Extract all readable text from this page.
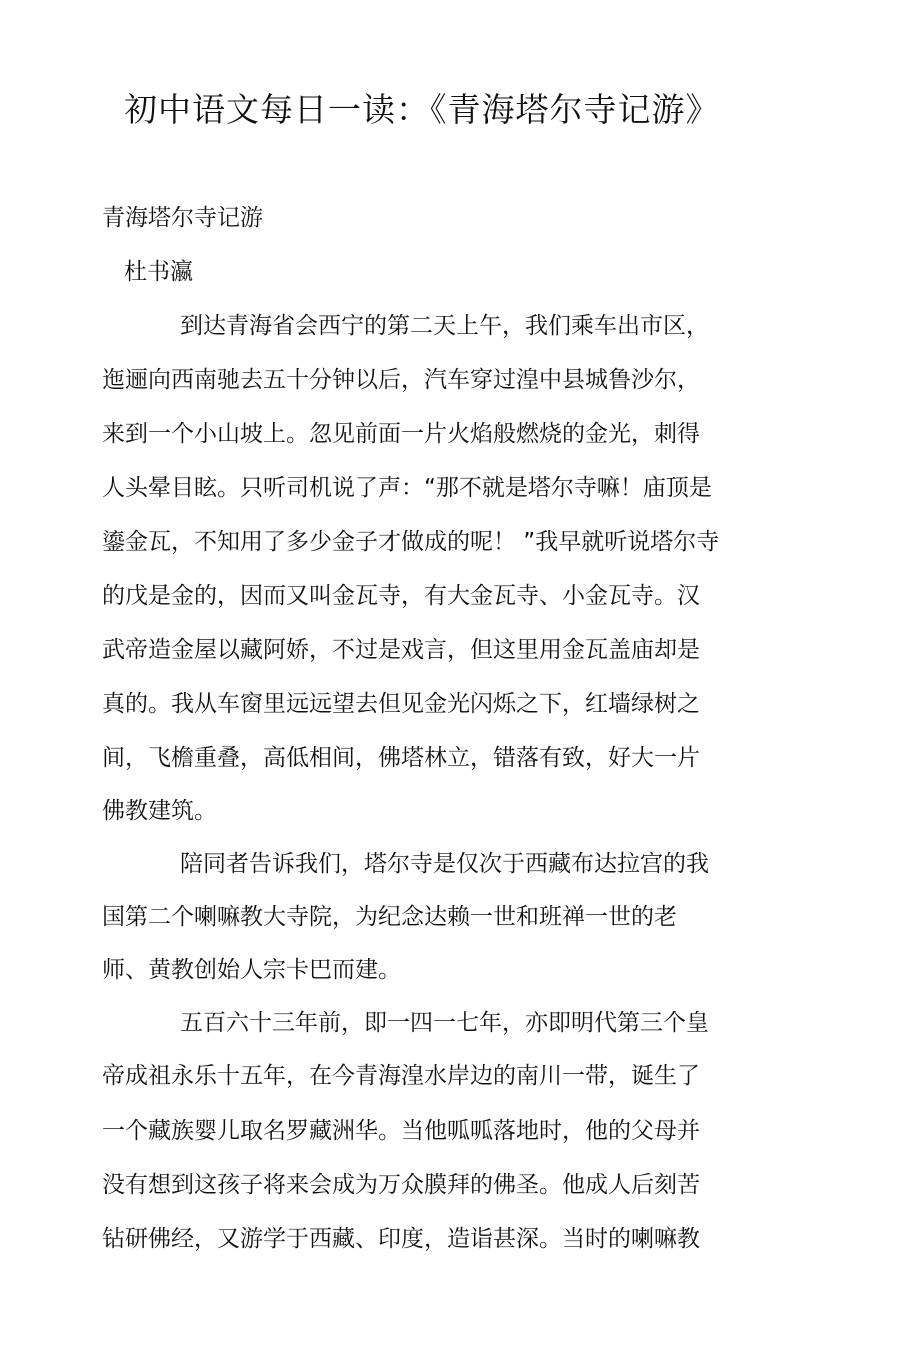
初中语文每日一读：《青海塔尔寺记游》
青海塔尔寺记游
杜书瀛
到达青海省会西宁的第二天上午，我们乘车出市区，
迤逦向西南驰去五十分钟以后，汽车穿过湟中县城鲁沙尔，
来到一个小山坡上。忽见前面一片火焰般燃烧的金光，刺得
人头晕目眩。只听司机说了声：“那不就是塔尔寺嘛！庙顶是
鎏金瓦，不知用了多少金子才做成的呢！ ”我早就听说塔尔寺
的戊是金的，因而又叫金瓦寺，有大金瓦寺、小金瓦寺。汉
武帝造金屋以藏阿娇，不过是戏言，但这里用金瓦盖庙却是
真的。我从车窗里远远望去但见金光闪烁之下，红墙绿树之
间，飞檐重叠，高低相间，佛塔林立，错落有致，好大一片
佛教建筑。
陪同者告诉我们，塔尔寺是仅次于西藏布达拉宫的我
国第二个喇嘛教大寺院，为纪念达赖一世和班禅一世的老
师、黄教创始人宗卡巴而建。
五百六十三年前，即一四一七年，亦即明代第三个皇
帝成祖永乐十五年，在今青海湟水岸边的南川一带，诞生了
一个藏族婴儿取名罗藏洲华。当他呱呱落地时，他的父母并
没有想到这孩子将来会成为万众膜拜的佛圣。他成人后刻苦
钻研佛经，又游学于西藏、印度，造诣甚深。当时的喇嘛教
